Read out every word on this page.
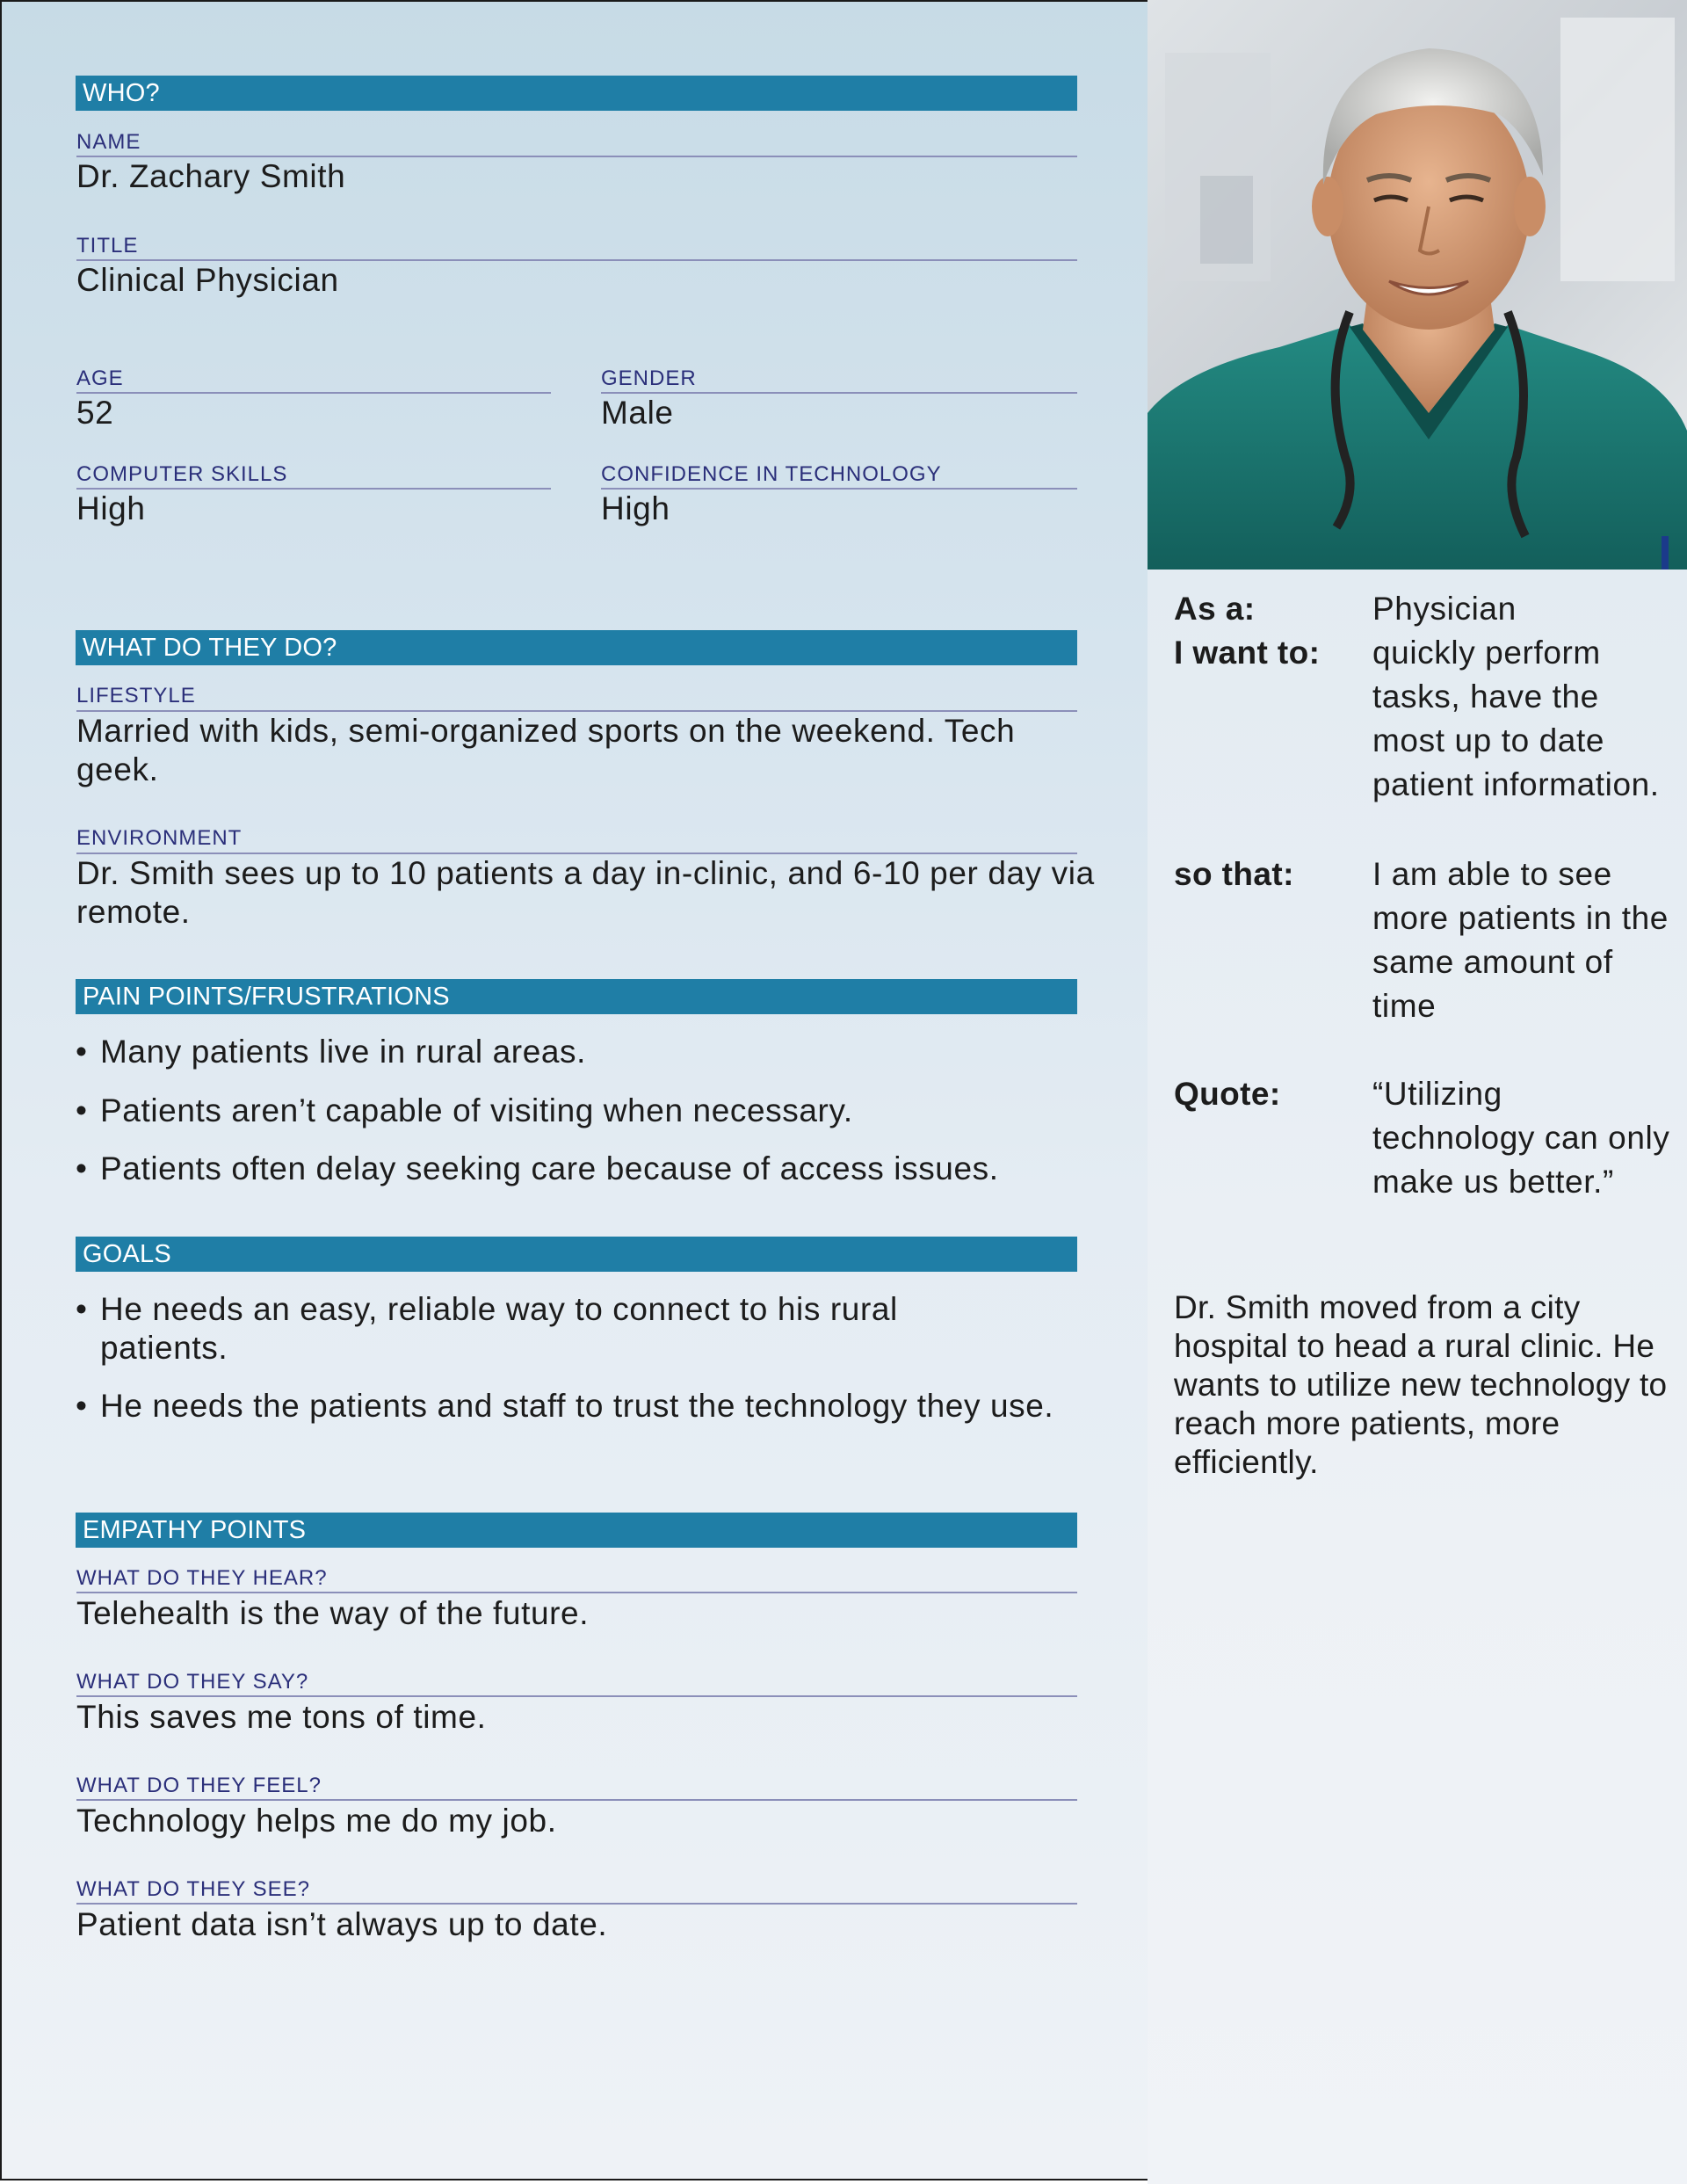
WHO?
NAME
Dr. Zachary Smith
TITLE
Clinical Physician
AGE
52
GENDER
Male
COMPUTER SKILLS
High
CONFIDENCE IN TECHNOLOGY
High
WHAT DO THEY DO?
LIFESTYLE
Married with kids, semi-organized sports on the weekend. Tech geek.
ENVIRONMENT
Dr. Smith sees up to 10 patients a day in-clinic, and 6-10 per day via remote.
PAIN POINTS/FRUSTRATIONS
• Many patients live in rural areas.
• Patients aren’t capable of visiting when necessary.
• Patients often delay seeking care because of access issues.
GOALS
• He needs an easy, reliable way to connect to his rural patients.
• He needs the patients and staff to trust the technology they use.
EMPATHY POINTS
WHAT DO THEY HEAR?
Telehealth is the way of the future.
WHAT DO THEY SAY?
This saves me tons of time.
WHAT DO THEY FEEL?
Technology helps me do my job.
WHAT DO THEY SEE?
Patient data isn’t always up to date.
As a:	Physician
I want to: quickly perform tasks, have the most up to date patient information.
so that: I am able to see more patients in the same amount of time
Quote:	“Utilizing technology can only make us better.”
Dr. Smith moved from a city hospital to head a rural clinic. He wants to utilize new technology to reach more patients, more efficiently.
